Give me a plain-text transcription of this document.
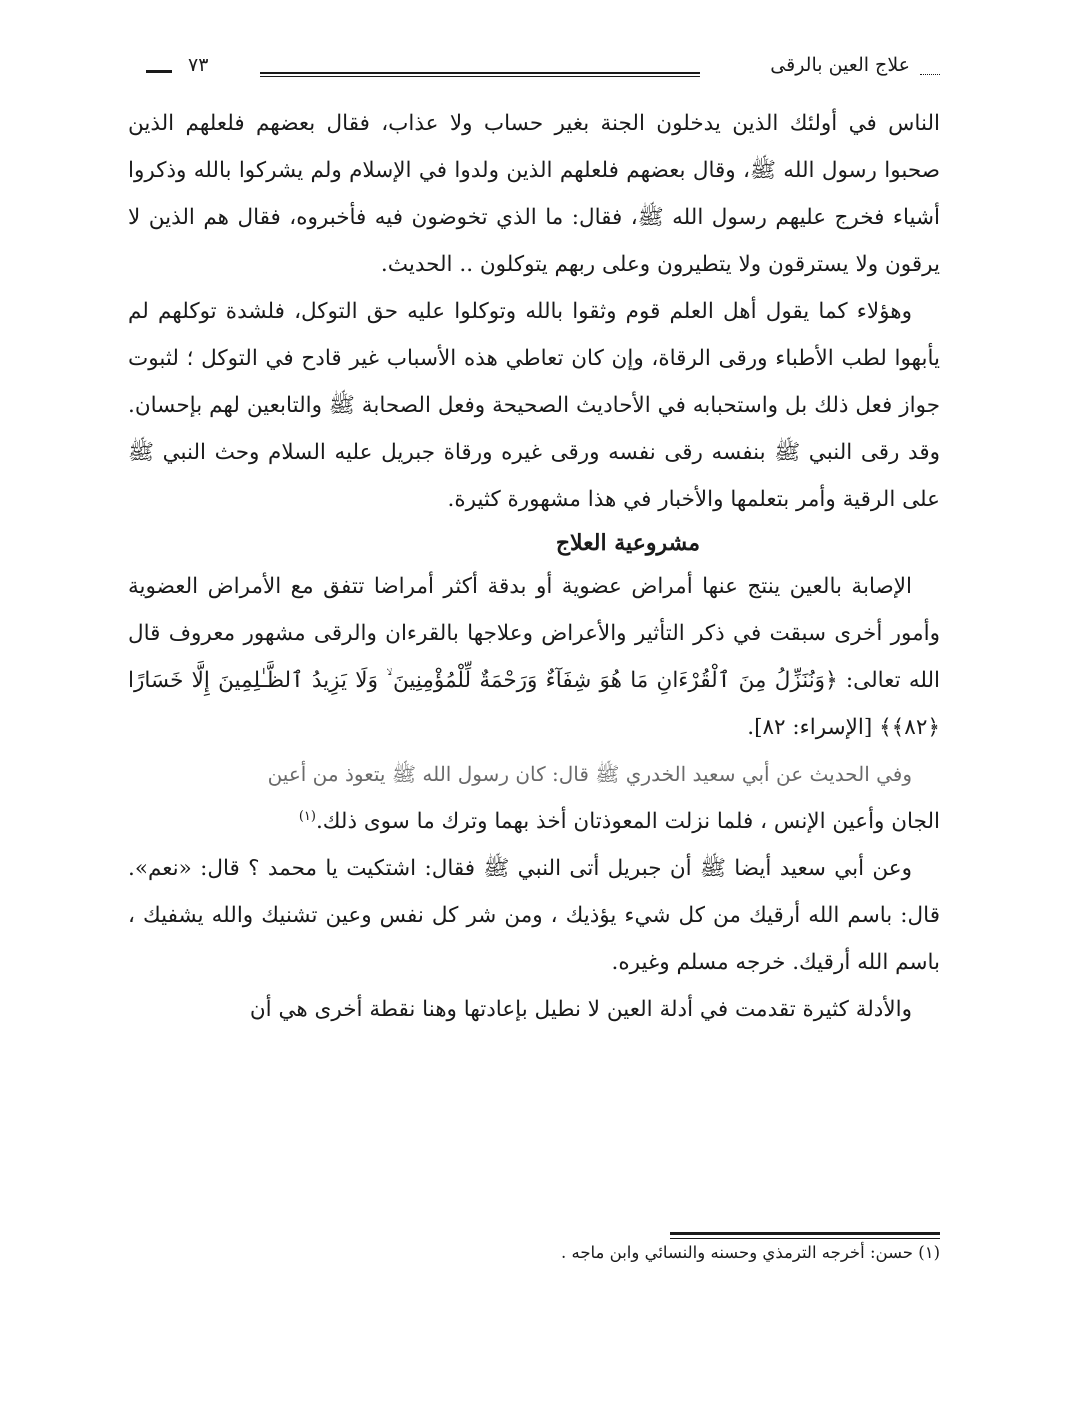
علاج العين بالرقى
٧٣

الناس في أولئك الذين يدخلون الجنة بغير حساب ولا عذاب، فقال بعضهم فلعلهم الذين صحبوا رسول الله ﷺ، وقال بعضهم فلعلهم الذين ولدوا في الإسلام ولم يشركوا بالله وذكروا أشياء فخرج عليهم رسول الله ﷺ، فقال: ما الذي تخوضون فيه فأخبروه، فقال هم الذين لا يرقون ولا يسترقون ولا يتطيرون وعلى ربهم يتوكلون .. الحديث.

وهؤلاء كما يقول أهل العلم قوم وثقوا بالله وتوكلوا عليه حق التوكل، فلشدة توكلهم لم يأبهوا لطب الأطباء ورقى الرقاة، وإن كان تعاطي هذه الأسباب غير قادح في التوكل ؛ لثبوت جواز فعل ذلك بل واستحبابه في الأحاديث الصحيحة وفعل الصحابة ﷺ والتابعين لهم بإحسان. وقد رقى النبي ﷺ بنفسه رقى نفسه ورقى غيره ورقاة جبريل عليه السلام وحث النبي ﷺ على الرقية وأمر بتعلمها والأخبار في هذا مشهورة كثيرة.

مشروعية العلاج

الإصابة بالعين ينتج عنها أمراض عضوية أو بدقة أكثر أمراضا تتفق مع الأمراض العضوية وأمور أخرى سبقت في ذكر التأثير والأعراض وعلاجها بالقرءان والرقى مشهور معروف قال الله تعالى: ﴿وَنُنَزِّلُ مِنَ ٱلْقُرْءَانِ مَا هُوَ شِفَآءٌ وَرَحْمَةٌ لِّلْمُؤْمِنِينَ ۙ وَلَا يَزِيدُ ٱلظَّـٰلِمِينَ إِلَّا خَسَارًا ﴿٨٢﴾﴾ [الإسراء: ٨٢].

وفي الحديث عن أبي سعيد الخدري ﷺ قال: كان رسول الله ﷺ يتعوذ من أعين

الجان وأعين الإنس ، فلما نزلت المعوذتان أخذ بهما وترك ما سوى ذلك.$^{(١)}$

وعن أبي سعيد أيضا ﷺ أن جبريل أتى النبي ﷺ فقال: اشتكيت يا محمد ؟ قال: «نعم». قال: باسم الله أرقيك من كل شيء يؤذيك ، ومن شر كل نفس وعين تشنيك والله يشفيك ، باسم الله أرقيك. خرجه مسلم وغيره.

والأدلة كثيرة تقدمت في أدلة العين لا نطيل بإعادتها وهنا نقطة أخرى هي أن

(١) حسن: أخرجه الترمذي وحسنه والنسائي وابن ماجه .
